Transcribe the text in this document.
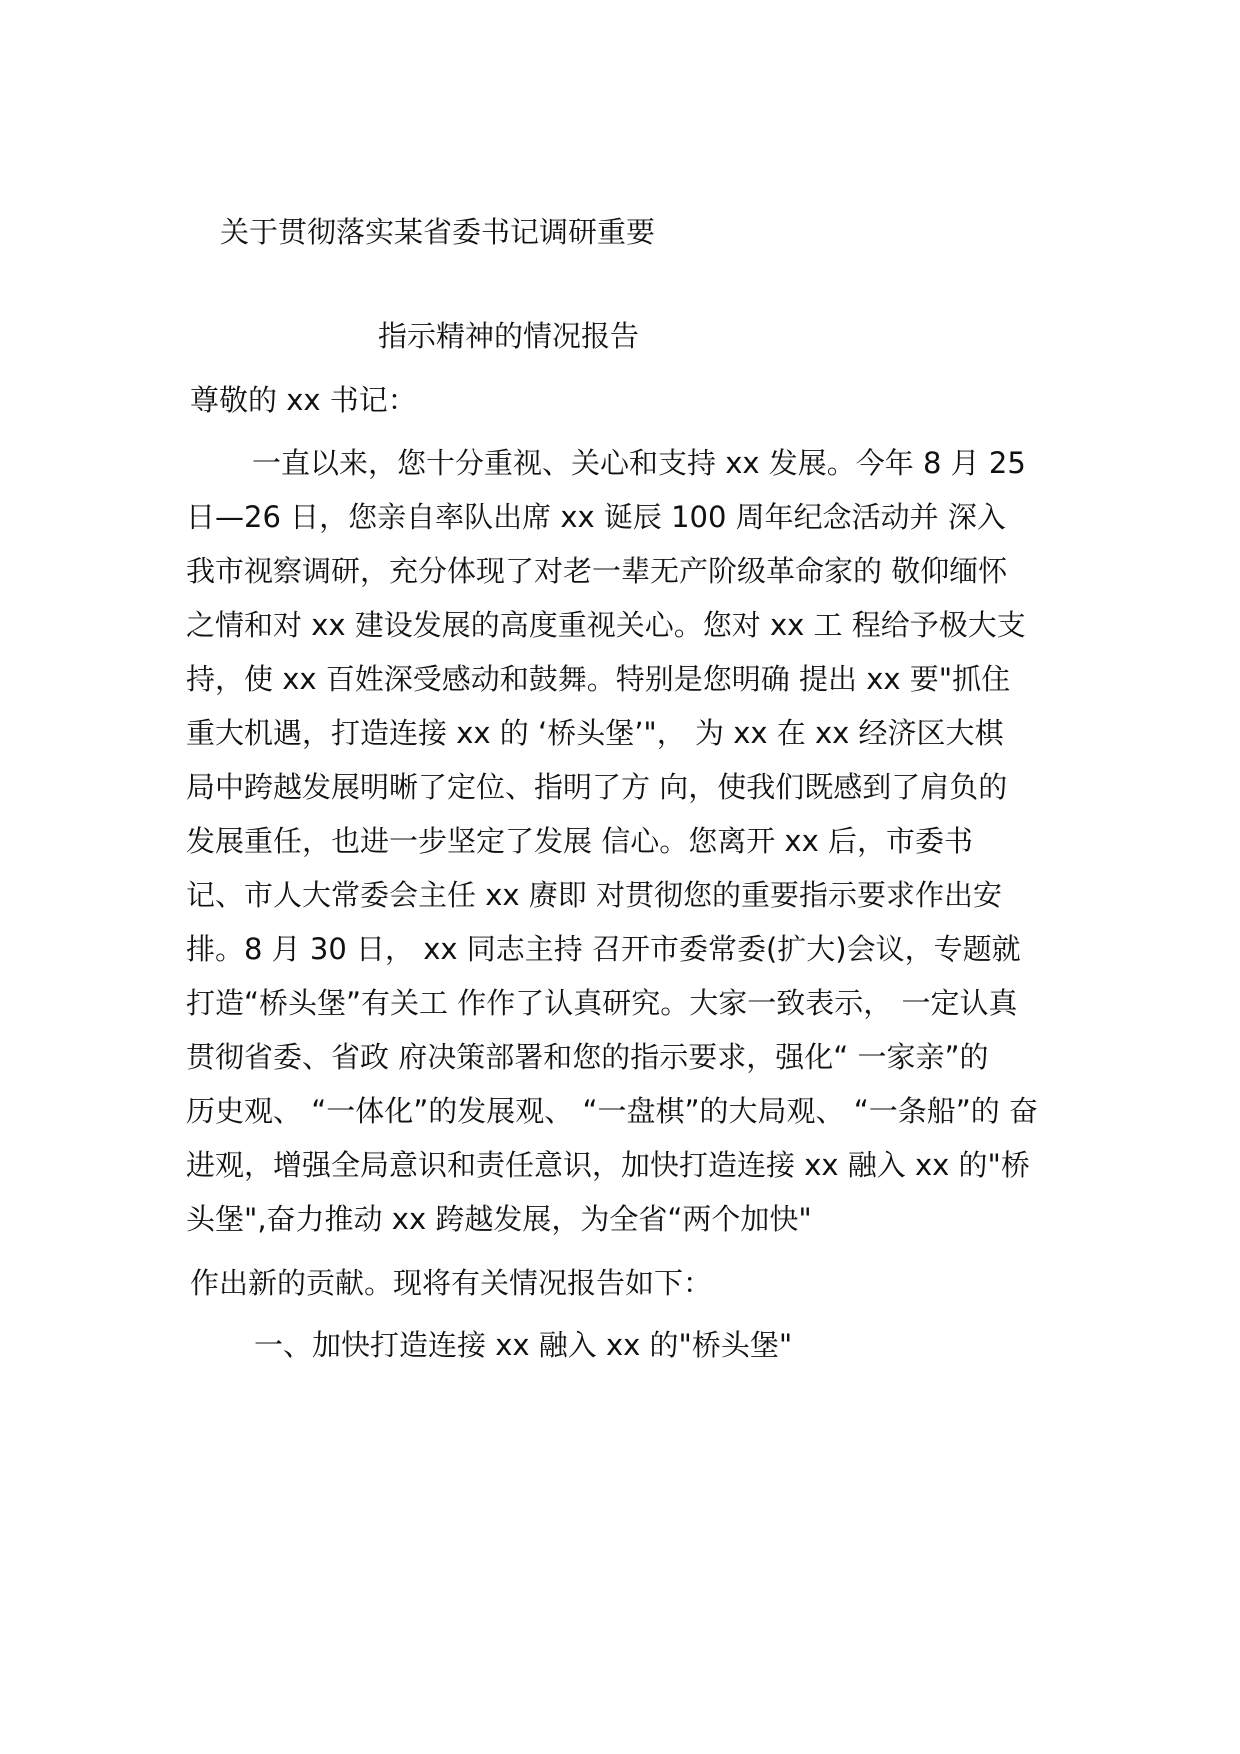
关于贯彻落实某省委书记调研重要
指示精神的情况报告
尊敬的 xx 书记：
一直以来，您十分重视、关心和支持 xx 发展。今年 8 月 25
日—26 日，您亲自率队出席 xx 诞辰 100 周年纪念活动并 深入
我市视察调研，充分体现了对老一辈无产阶级革命家的 敬仰缅怀
之情和对 xx 建设发展的高度重视关心。您对 xx 工 程给予极大支
持，使 xx 百姓深受感动和鼓舞。特别是您明确 提出 xx 要"抓住
重大机遇，打造连接 xx 的 ‘桥头堡’"， 为 xx 在 xx 经济区大棋
局中跨越发展明晰了定位、指明了方 向，使我们既感到了肩负的
发展重任，也进一步坚定了发展 信心。您离开 xx 后，市委书
记、市人大常委会主任 xx 赓即 对贯彻您的重要指示要求作出安
排。8 月 30 日， xx 同志主持 召开市委常委(扩大)会议，专题就
打造“桥头堡”有关工 作作了认真研究。大家一致表示， 一定认真
贯彻省委、省政 府决策部署和您的指示要求，强化“ 一家亲”的
历史观、 “一体化”的发展观、 “一盘棋”的大局观、 “一条船”的 奋
进观，增强全局意识和责任意识，加快打造连接 xx 融入 xx 的"桥
头堡",奋力推动 xx 跨越发展，为全省“两个加快"
作出新的贡献。现将有关情况报告如下：
一、加快打造连接 xx 融入 xx 的"桥头堡"
